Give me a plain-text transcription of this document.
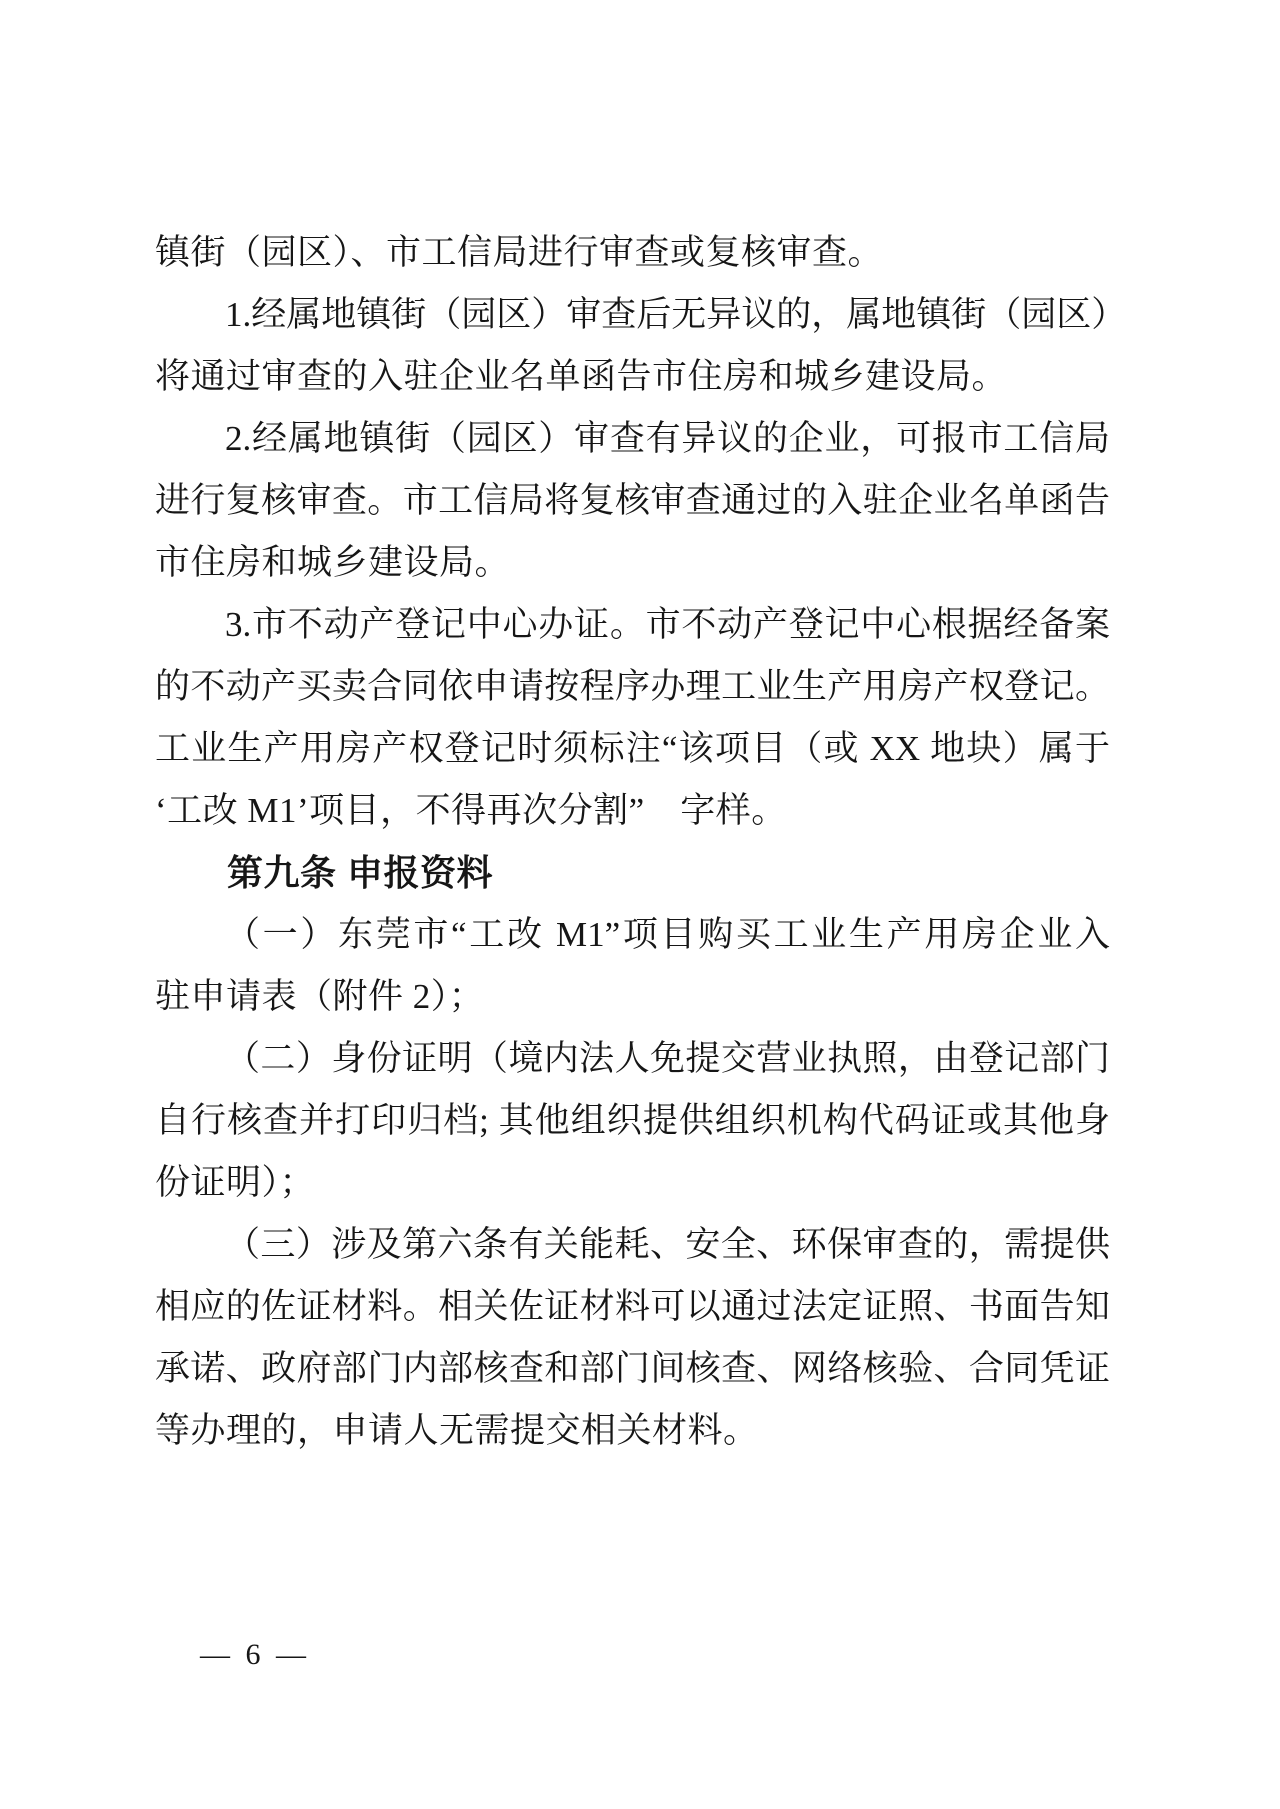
镇街（园区）、市工信局进行审查或复核审查。
1.经属地镇街（园区）审查后无异议的，属地镇街（园区）
将通过审查的入驻企业名单函告市住房和城乡建设局。
2.经属地镇街（园区）审查有异议的企业，可报市工信局
进行复核审查。市工信局将复核审查通过的入驻企业名单函告
市住房和城乡建设局。
3.市不动产登记中心办证。市不动产登记中心根据经备案
的不动产买卖合同依申请按程序办理工业生产用房产权登记。
工业生产用房产权登记时须标注“该项目（或 XX 地块）属于
‘工改 M1’项目，不得再次分割”　字样。
第九条 申报资料
（一）东莞市“工改 M1”项目购买工业生产用房企业入
驻申请表（附件 2）；
（二）身份证明（境内法人免提交营业执照，由登记部门
自行核查并打印归档; 其他组织提供组织机构代码证或其他身
份证明）；
（三）涉及第六条有关能耗、安全、环保审查的，需提供
相应的佐证材料。相关佐证材料可以通过法定证照、书面告知
承诺、政府部门内部核查和部门间核查、网络核验、合同凭证
等办理的，申请人无需提交相关材料。
— 6 —
